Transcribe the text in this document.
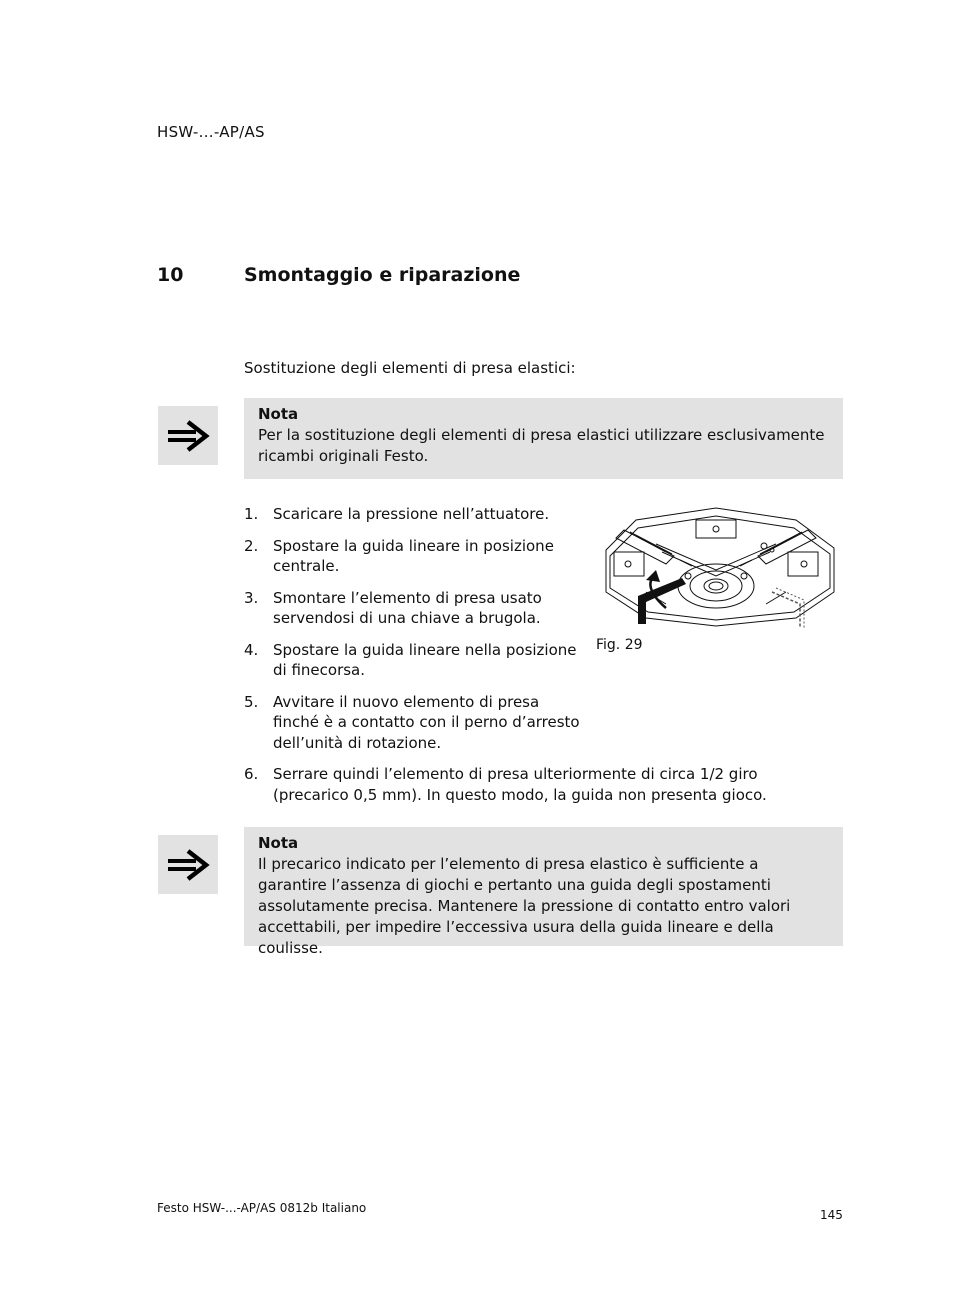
HSW-...-AP/AS
10	Smontaggio e riparazione
Sostituzione degli elementi di presa elastici:
Nota
Per la sostituzione degli elementi di presa elastici utilizzare esclusivamente ricambi originali Festo.
1. Scaricare la pressione nell’attuatore.
2. Spostare la guida lineare in posizione centrale.
3. Smontare l’elemento di presa usato servendosi di una chiave a brugola.
4. Spostare la guida lineare nella posizione di finecorsa.
5. Avvitare il nuovo elemento di presa finché è a contatto con il perno d’arresto dell’unità di rotazione.
6. Serrare quindi l’elemento di presa ulteriormente di circa 1/2 giro (precarico 0,5 mm). In questo modo, la guida non presenta gioco.
Fig. 29
Nota
Il precarico indicato per l’elemento di presa elastico è sufficiente a garantire l’assenza di giochi e pertanto una guida degli spostamenti assolutamente precisa. Mantenere la pressione di contatto entro valori accettabili, per impedire l’eccessiva usura della guida lineare e della coulisse.
Festo HSW-...-AP/AS 0812b Italiano	145
